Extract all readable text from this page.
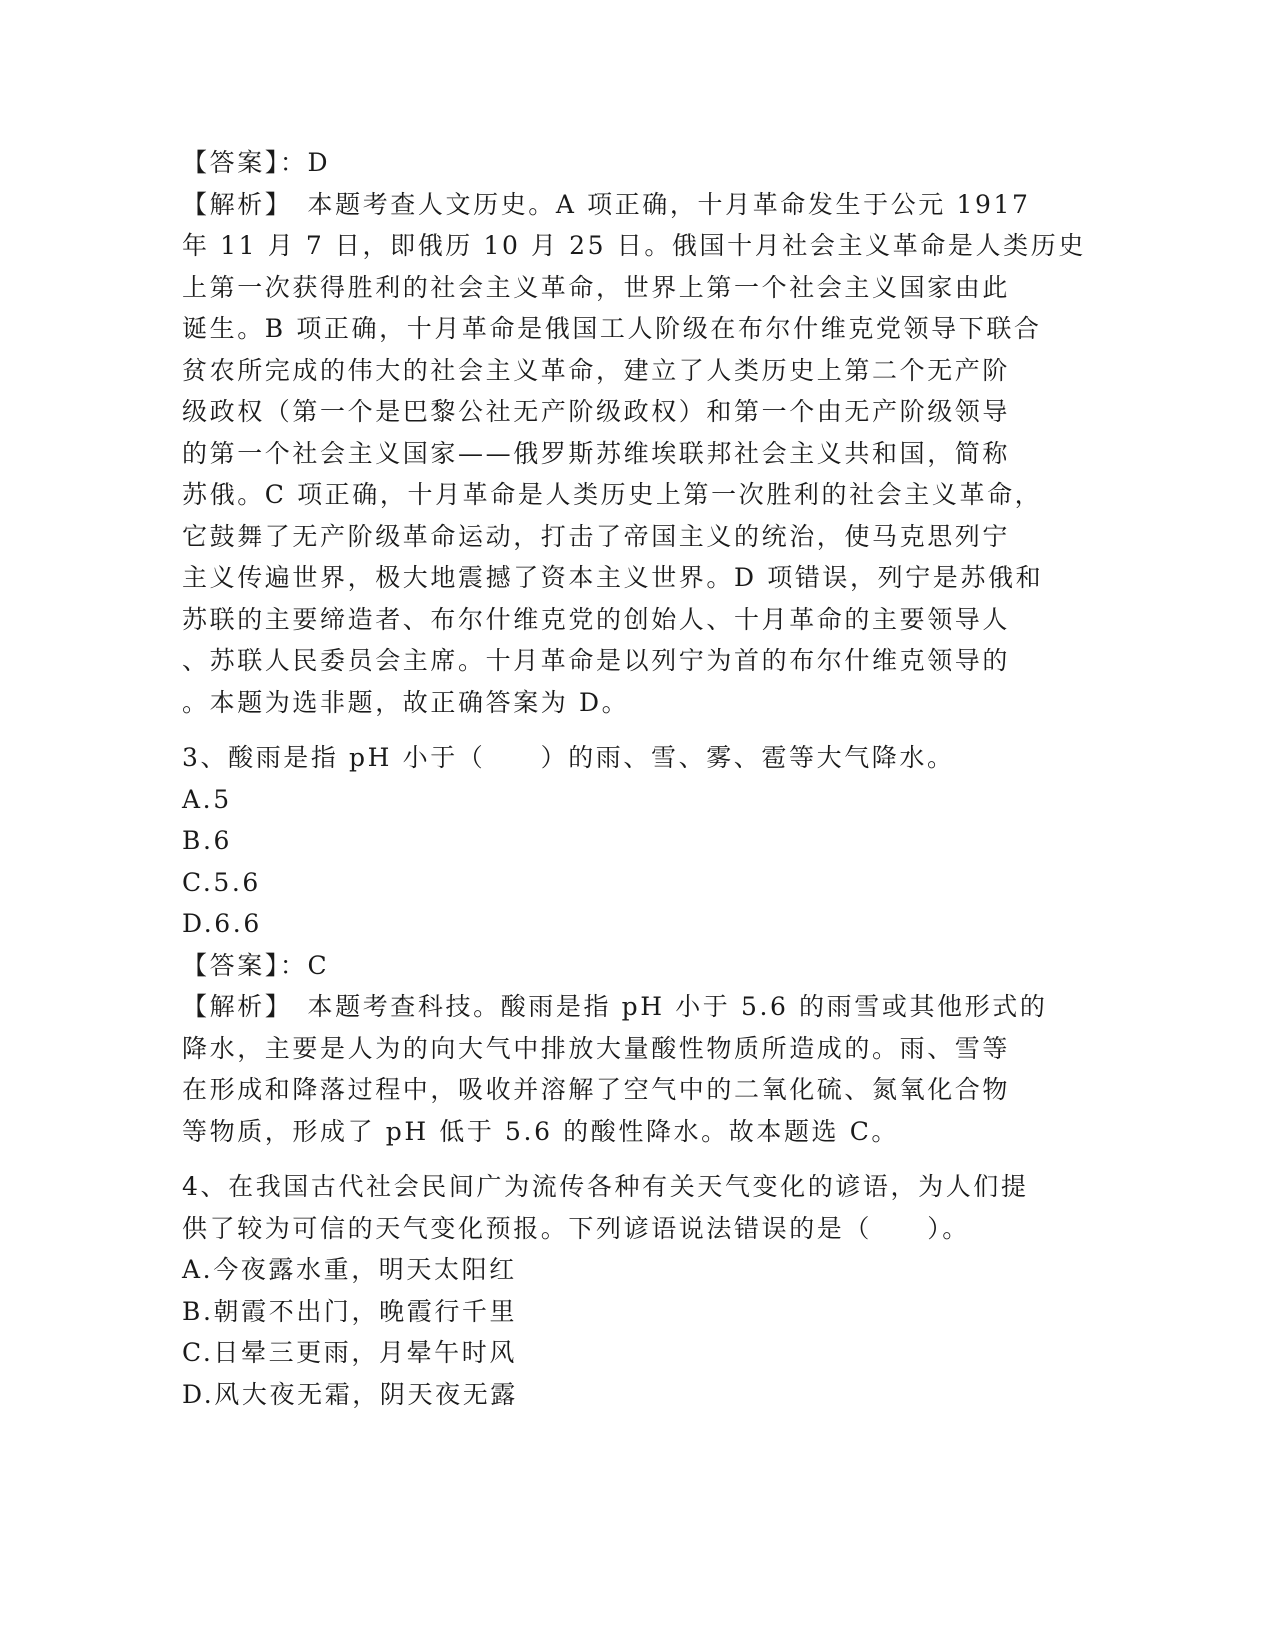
【答案】：D
【解析】　本题考查人文历史。A 项正确，十月革命发生于公元 1917
年 11 月 7 日，即俄历 10 月 25 日。俄国十月社会主义革命是人类历史
上第一次获得胜利的社会主义革命，世界上第一个社会主义国家由此
诞生。B 项正确，十月革命是俄国工人阶级在布尔什维克党领导下联合
贫农所完成的伟大的社会主义革命，建立了人类历史上第二个无产阶
级政权（第一个是巴黎公社无产阶级政权）和第一个由无产阶级领导
的第一个社会主义国家——俄罗斯苏维埃联邦社会主义共和国，简称
苏俄。C 项正确，十月革命是人类历史上第一次胜利的社会主义革命，
它鼓舞了无产阶级革命运动，打击了帝国主义的统治，使马克思列宁
主义传遍世界，极大地震撼了资本主义世界。D 项错误，列宁是苏俄和
苏联的主要缔造者、布尔什维克党的创始人、十月革命的主要领导人
、苏联人民委员会主席。十月革命是以列宁为首的布尔什维克领导的
。本题为选非题，故正确答案为 D。
3、酸雨是指 pH 小于（　　）的雨、雪、雾、雹等大气降水。
A.5
B.6
C.5.6
D.6.6
【答案】：C
【解析】　本题考查科技。酸雨是指 pH 小于 5.6 的雨雪或其他形式的
降水，主要是人为的向大气中排放大量酸性物质所造成的。雨、雪等
在形成和降落过程中，吸收并溶解了空气中的二氧化硫、氮氧化合物
等物质，形成了 pH 低于 5.6 的酸性降水。故本题选 C。
4、在我国古代社会民间广为流传各种有关天气变化的谚语，为人们提
供了较为可信的天气变化预报。下列谚语说法错误的是（　　）。
A.今夜露水重，明天太阳红
B.朝霞不出门，晚霞行千里
C.日晕三更雨，月晕午时风
D.风大夜无霜，阴天夜无露
